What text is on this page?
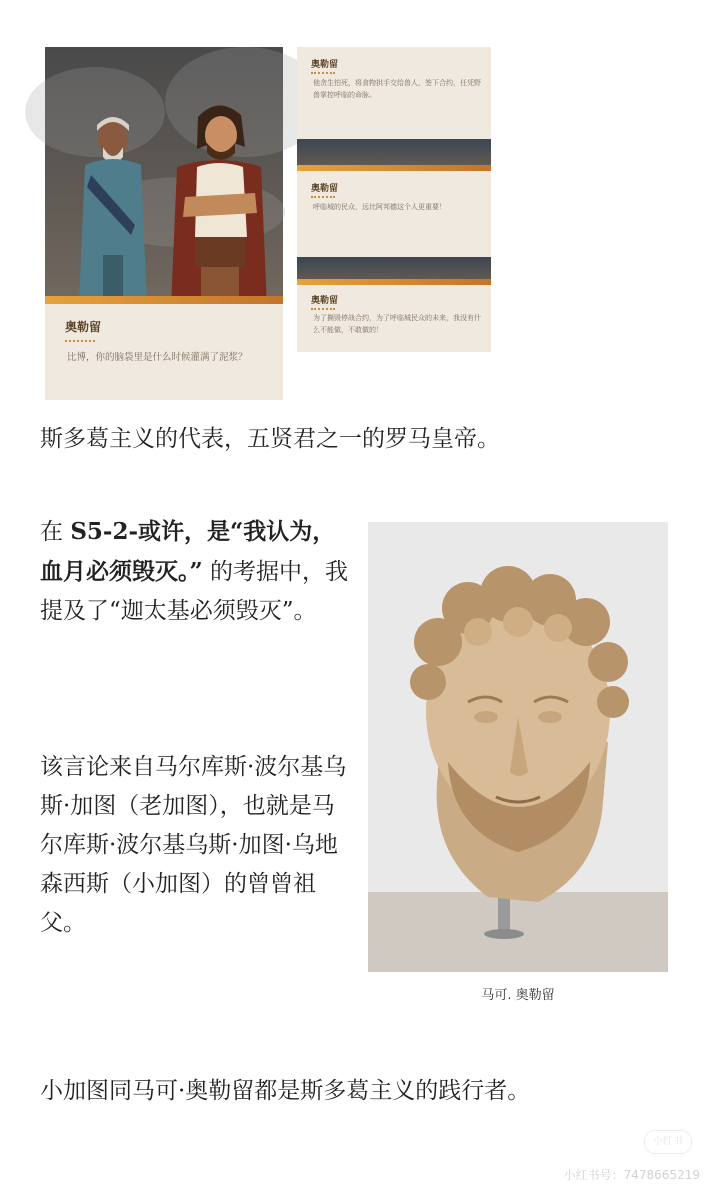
奥勒留
比博，你的脑袋里是什么时候灌满了泥浆？
奥勒留
他贪生怕死，将食物拱手交给兽人，签下合约，任凭野兽掌控呼临的命脉。
奥勒留
呼临城的民众，远比阿邦德这个人更重要！
奥勒留
为了撕毁停战合约，为了呼临城民众的未来，我没有什么不能做，不敢做的！
斯多葛主义的代表，五贤君之一的罗马皇帝。
在 S5-2-或许，是“我认为，血月必须毁灭。” 的考据中，我提及了“迦太基必须毁灭”。
该言论来自马尔库斯·波尔基乌斯·加图（老加图），也就是马尔库斯·波尔基乌斯·加图·乌地森西斯（小加图）的曾曾祖父。
马可. 奥勒留
小加图同马可·奥勒留都是斯多葛主义的践行者。
小红书
小红书号：7478665219
